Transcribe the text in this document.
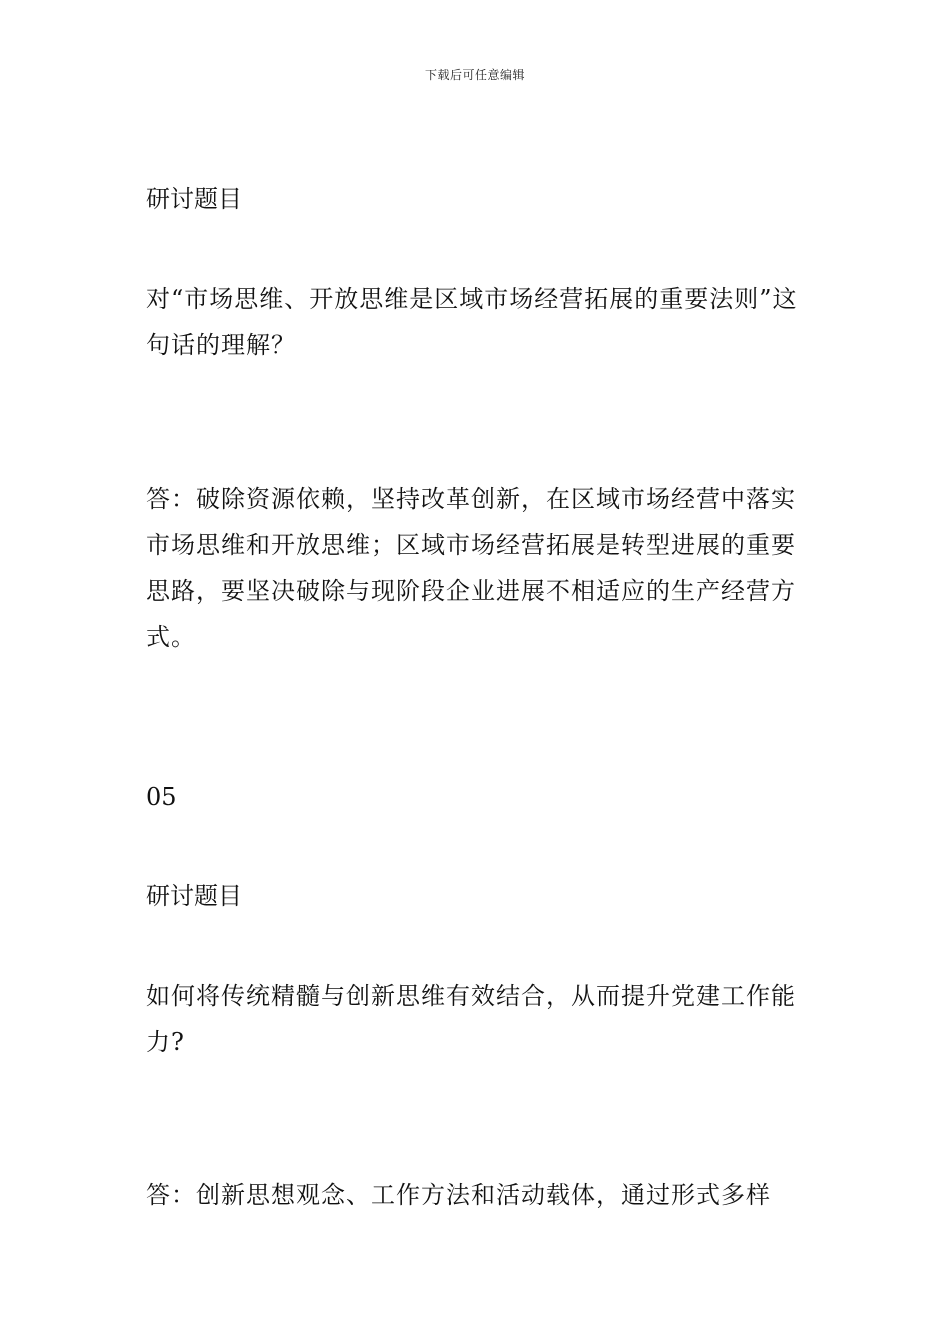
下载后可任意编辑

研讨题目

对“市场思维、开放思维是区域市场经营拓展的重要法则”这句话的理解？

答：破除资源依赖，坚持改革创新，在区域市场经营中落实市场思维和开放思维；区域市场经营拓展是转型进展的重要思路，要坚决破除与现阶段企业进展不相适应的生产经营方式。

05

研讨题目

如何将传统精髓与创新思维有效结合，从而提升党建工作能力?

答：创新思想观念、工作方法和活动载体，通过形式多样
